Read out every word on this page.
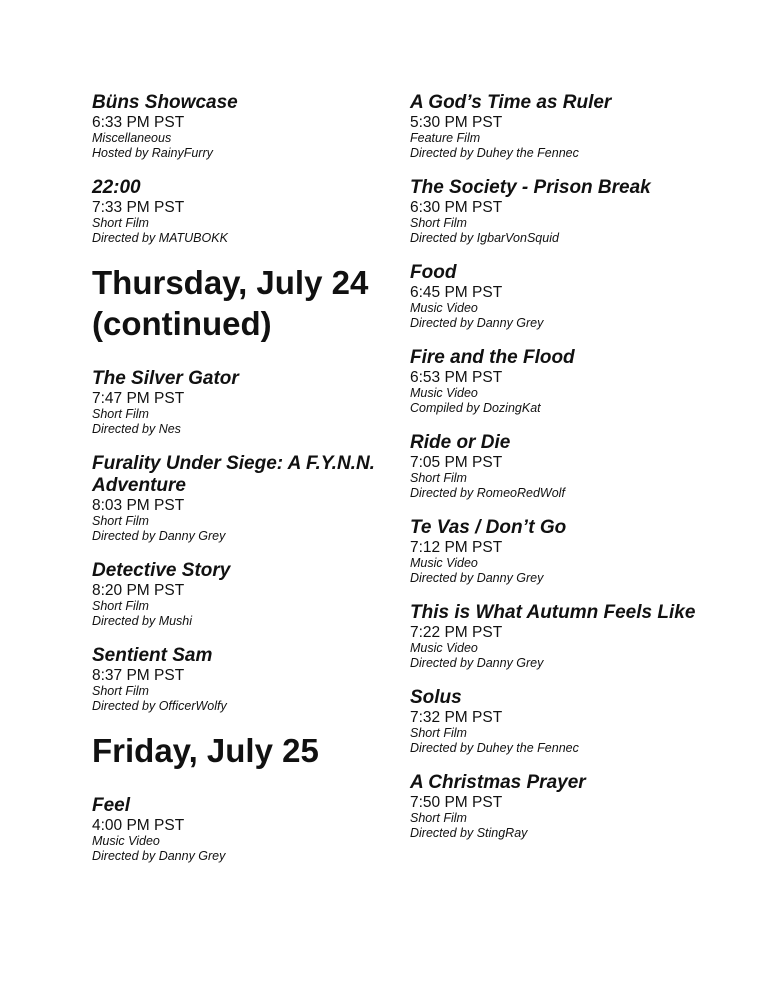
Büns Showcase

6:33 PM PST

Miscellaneous

Hosted by RainyFurry

22:00

7:33 PM PST

Short Film

Directed by MATUBOKK

Thursday, July 24 (continued)

The Silver Gator

7:47 PM PST

Short Film

Directed by Nes

Furality Under Siege: A F.Y.N.N. Adventure

8:03 PM PST

Short Film

Directed by Danny Grey

Detective Story

8:20 PM PST

Short Film

Directed by Mushi

Sentient Sam

8:37 PM PST

Short Film

Directed by OfficerWolfy

Friday, July 25

Feel

4:00 PM PST

Music Video

Directed by Danny Grey

A God’s Time as Ruler

5:30 PM PST

Feature Film

Directed by Duhey the Fennec

The Society - Prison Break

6:30 PM PST

Short Film

Directed by IgbarVonSquid

Food

6:45 PM PST

Music Video

Directed by Danny Grey

Fire and the Flood

6:53 PM PST

Music Video

Compiled by DozingKat

Ride or Die

7:05 PM PST

Short Film

Directed by RomeoRedWolf

Te Vas / Don’t Go

7:12 PM PST

Music Video

Directed by Danny Grey

This is What Autumn Feels Like

7:22 PM PST

Music Video

Directed by Danny Grey

Solus

7:32 PM PST

Short Film

Directed by Duhey the Fennec

A Christmas Prayer

7:50 PM PST

Short Film

Directed by StingRay
